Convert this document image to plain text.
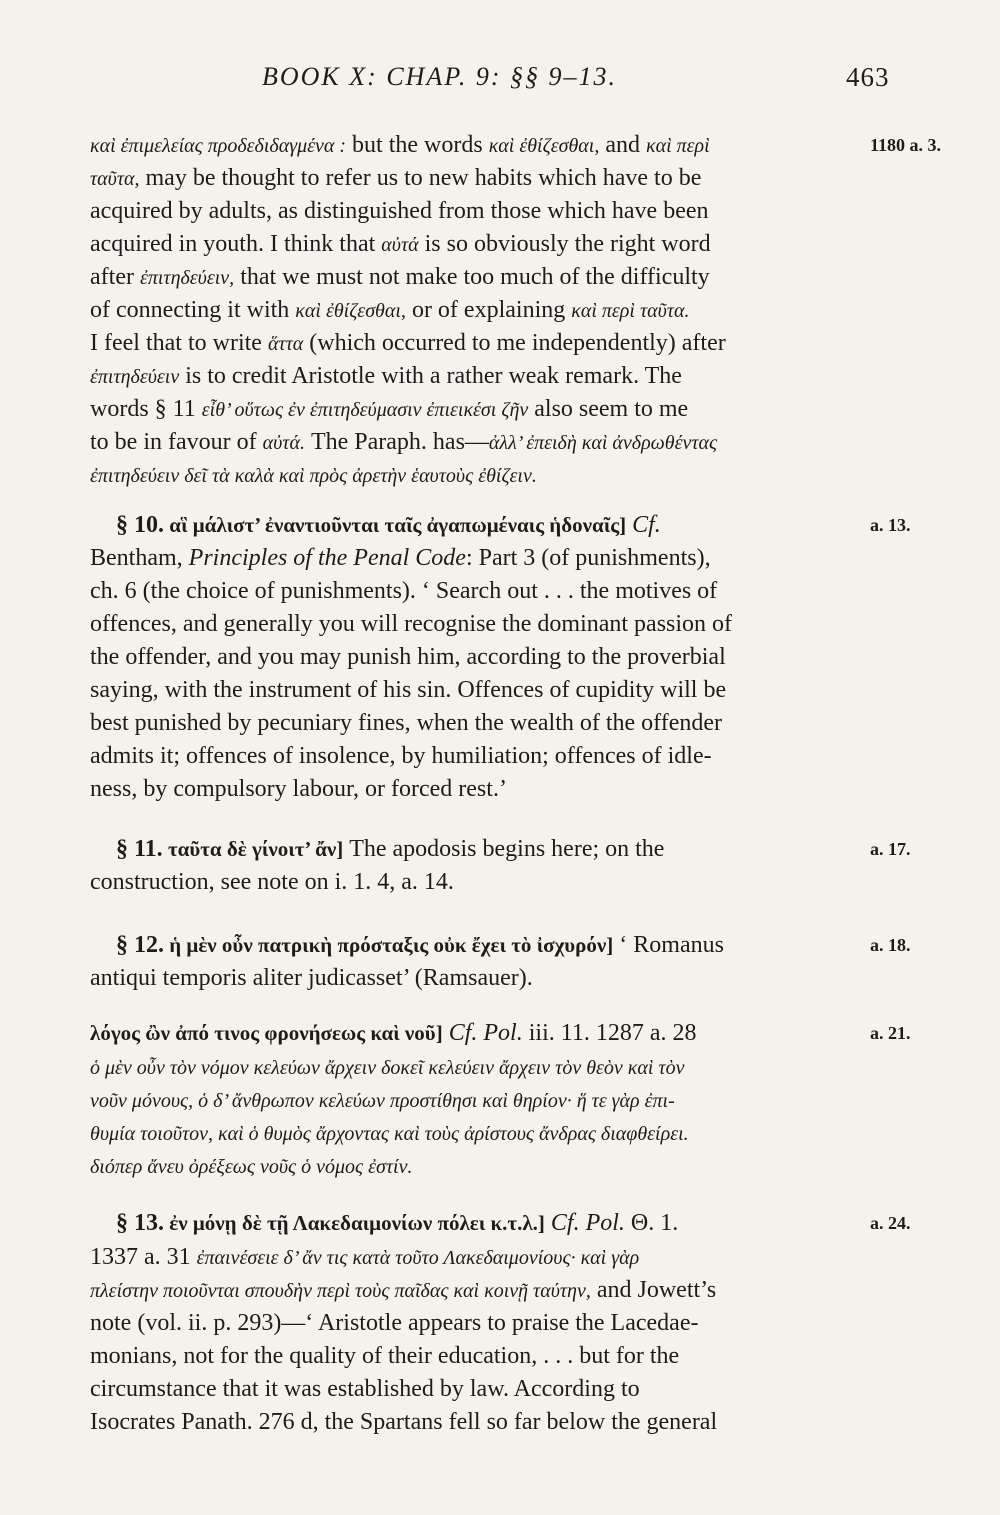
BOOK X: CHAP. 9: §§ 9–13.	463
1180 a. 3.
a. 13.
a. 17.
a. 18.
a. 21.
a. 24.
καὶ ἐπιμελείας προδεδιδαγμένα : but the words καὶ ἐθίζεσθαι, and καὶ περὶ
ταῦτα, may be thought to refer us to new habits which have to be
acquired by adults, as distinguished from those which have been
acquired in youth. I think that αὐτά is so obviously the right word
after ἐπιτηδεύειν, that we must not make too much of the difficulty
of connecting it with καὶ ἐθίζεσθαι, or of explaining καὶ περὶ ταῦτα.
I feel that to write ἅττα (which occurred to me independently) after
ἐπιτηδεύειν is to credit Aristotle with a rather weak remark. The
words § 11 εἶθ’ οὕτως ἐν ἐπιτηδεύμασιν ἐπιεικέσι ζῆν also seem to me
to be in favour of αὐτά. The Paraph. has—ἀλλ’ ἐπειδὴ καὶ ἀνδρωθέντας
ἐπιτηδεύειν δεῖ τὰ καλὰ καὶ πρὸς ἀρετὴν ἑαυτοὺς ἐθίζειν.
§ 10. αἳ μάλιστ’ ἐναντιοῦνται ταῖς ἀγαπωμέναις ἡδοναῖς] Cf.
Bentham, Principles of the Penal Code: Part 3 (of punishments),
ch. 6 (the choice of punishments). ‘ Search out . . . the motives of
offences, and generally you will recognise the dominant passion of
the offender, and you may punish him, according to the proverbial
saying, with the instrument of his sin. Offences of cupidity will be
best punished by pecuniary fines, when the wealth of the offender
admits it; offences of insolence, by humiliation; offences of idle-
ness, by compulsory labour, or forced rest.’
§ 11. ταῦτα δὲ γίνοιτ’ ἄν] The apodosis begins here; on the
construction, see note on i. 1. 4, a. 14.
§ 12. ἡ μὲν οὖν πατρικὴ πρόσταξις οὐκ ἔχει τὸ ἰσχυρόν] ‘ Romanus
antiqui temporis aliter judicasset’ (Ramsauer).
λόγος ὢν ἀπό τινος φρονήσεως καὶ νοῦ] Cf. Pol. iii. 11. 1287 a. 28
ὁ μὲν οὖν τὸν νόμον κελεύων ἄρχειν δοκεῖ κελεύειν ἄρχειν τὸν θεὸν καὶ τὸν
νοῦν μόνους, ὁ δ’ ἄνθρωπον κελεύων προστίθησι καὶ θηρίον· ἥ τε γὰρ ἐπι-
θυμία τοιοῦτον, καὶ ὁ θυμὸς ἄρχοντας καὶ τοὺς ἀρίστους ἄνδρας διαφθείρει.
διόπερ ἄνευ ὀρέξεως νοῦς ὁ νόμος ἐστίν.
§ 13. ἐν μόνῃ δὲ τῇ Λακεδαιμονίων πόλει κ.τ.λ.] Cf. Pol. Θ. 1.
1337 a. 31 ἐπαινέσειε δ’ ἄν τις κατὰ τοῦτο Λακεδαιμονίους· καὶ γὰρ
πλείστην ποιοῦνται σπουδὴν περὶ τοὺς παῖδας καὶ κοινῇ ταύτην, and Jowett’s
note (vol. ii. p. 293)—‘ Aristotle appears to praise the Lacedae-
monians, not for the quality of their education, . . . but for the
circumstance that it was established by law. According to
Isocrates Panath. 276 d, the Spartans fell so far below the general
